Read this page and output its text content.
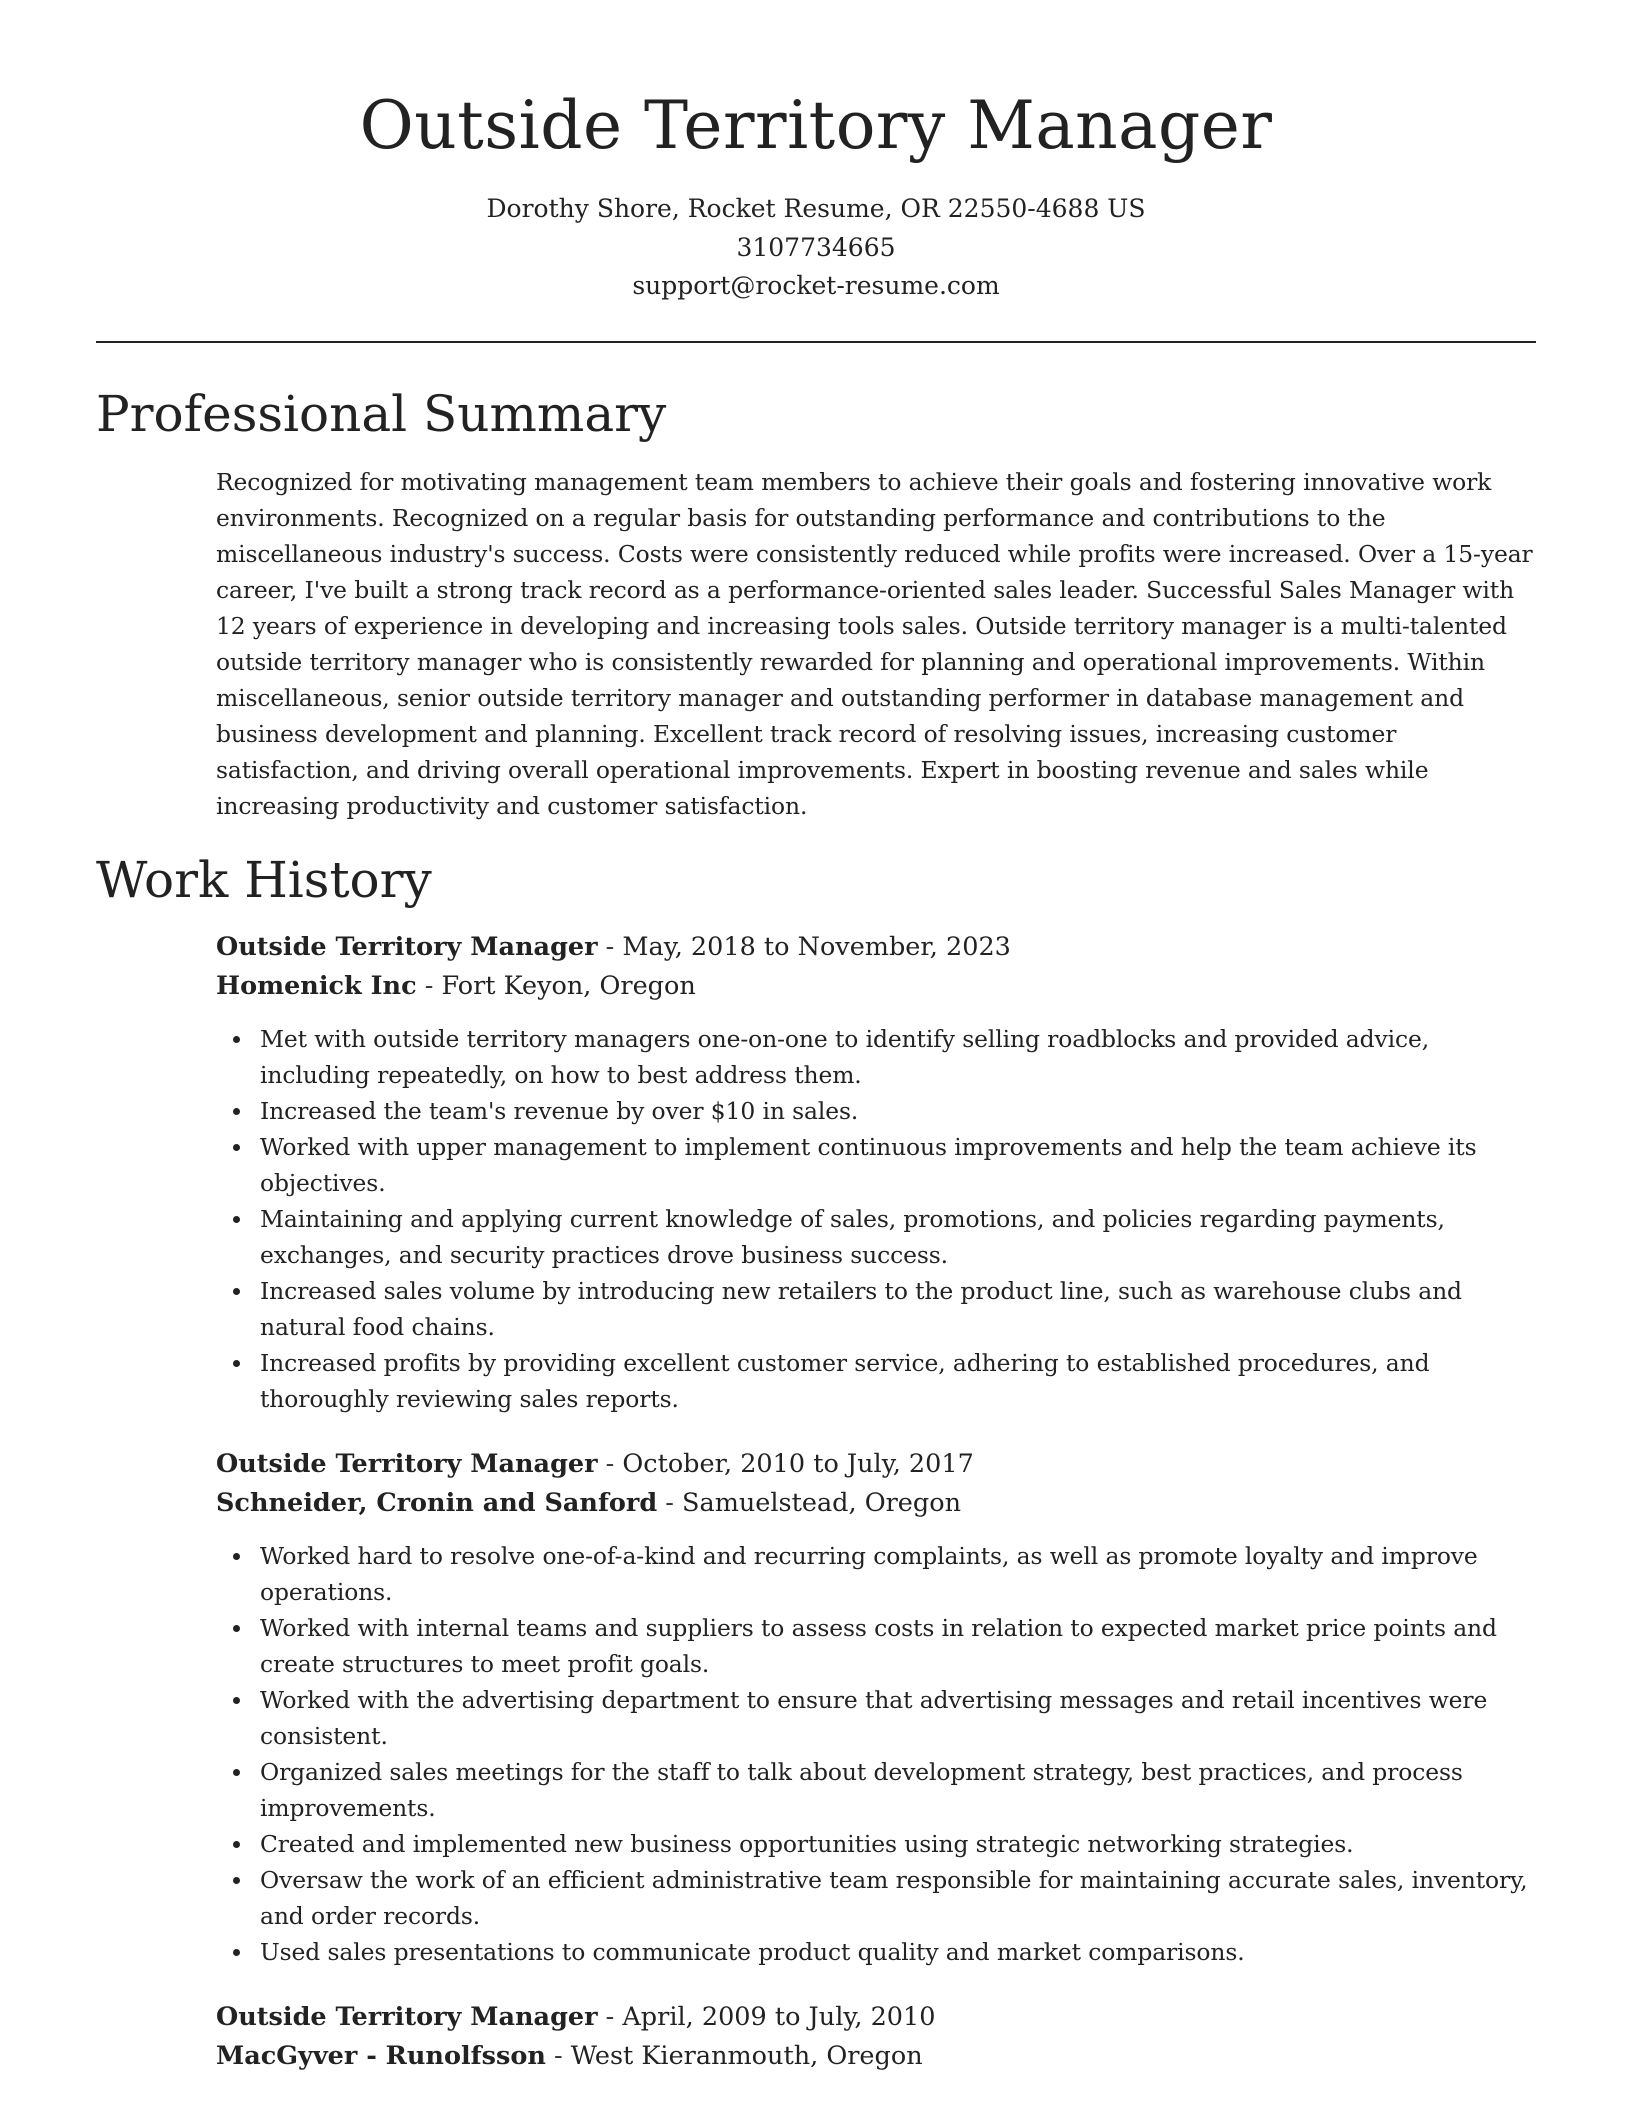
Outside Territory Manager
Dorothy Shore, Rocket Resume, OR 22550-4688 US
3107734665
support@rocket-resume.com
Professional Summary

Recognized for motivating management team members to achieve their goals and fostering innovative work environments. Recognized on a regular basis for outstanding performance and contributions to the miscellaneous industry's success. Costs were consistently reduced while profits were increased. Over a 15-year career, I've built a strong track record as a performance-oriented sales leader. Successful Sales Manager with 12 years of experience in developing and increasing tools sales. Outside territory manager is a multi-talented outside territory manager who is consistently rewarded for planning and operational improvements. Within miscellaneous, senior outside territory manager and outstanding performer in database management and business development and planning. Excellent track record of resolving issues, increasing customer satisfaction, and driving overall operational improvements. Expert in boosting revenue and sales while increasing productivity and customer satisfaction.

Work History
Outside Territory Manager - May, 2018 to November, 2023
Homenick Inc - Fort Keyon, Oregon
Met with outside territory managers one-on-one to identify selling roadblocks and provided advice, including repeatedly, on how to best address them.
Increased the team's revenue by over $10 in sales.
Worked with upper management to implement continuous improvements and help the team achieve its objectives.
Maintaining and applying current knowledge of sales, promotions, and policies regarding payments, exchanges, and security practices drove business success.
Increased sales volume by introducing new retailers to the product line, such as warehouse clubs and natural food chains.
Increased profits by providing excellent customer service, adhering to established procedures, and thoroughly reviewing sales reports.
Outside Territory Manager - October, 2010 to July, 2017
Schneider, Cronin and Sanford - Samuelstead, Oregon
Worked hard to resolve one-of-a-kind and recurring complaints, as well as promote loyalty and improve operations.
Worked with internal teams and suppliers to assess costs in relation to expected market price points and create structures to meet profit goals.
Worked with the advertising department to ensure that advertising messages and retail incentives were consistent.
Organized sales meetings for the staff to talk about development strategy, best practices, and process improvements.
Created and implemented new business opportunities using strategic networking strategies.
Oversaw the work of an efficient administrative team responsible for maintaining accurate sales, inventory, and order records.
Used sales presentations to communicate product quality and market comparisons.
Outside Territory Manager - April, 2009 to July, 2010
MacGyver - Runolfsson - West Kieranmouth, Oregon
